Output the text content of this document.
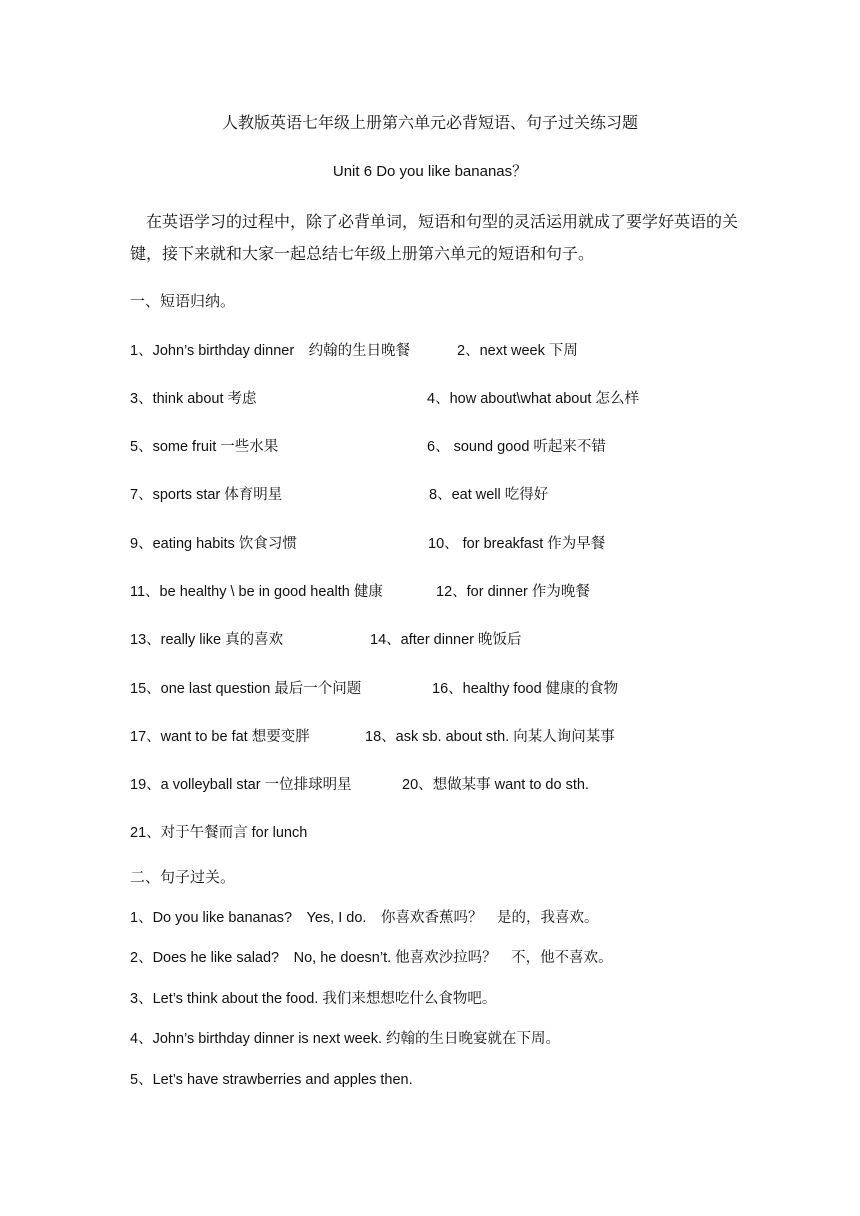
人教版英语七年级上册第六单元必背短语、句子过关练习题
Unit 6 Do you like bananas？
在英语学习的过程中，除了必背单词，短语和句型的灵活运用就成了要学好英语的关键，接下来就和大家一起总结七年级上册第六单元的短语和句子。
一、短语归纳。
1、John’s birthday dinner　约翰的生日晚餐	2、next week 下周
3、think about 考虑	4、how about\what about 怎么样
5、some fruit 一些水果	6、 sound good 听起来不错
7、sports star 体育明星	8、eat well 吃得好
9、eating habits 饮食习惯	10、 for breakfast 作为早餐
11、be healthy \ be in good health 健康	12、for dinner 作为晚餐
13、really like 真的喜欢	14、after dinner 晚饭后
15、one last question 最后一个问题	16、healthy food 健康的食物
17、want to be fat 想要变胖	18、ask sb. about sth. 向某人询问某事
19、a volleyball star 一位排球明星	20、想做某事 want to do sth.
21、对于午餐而言 for lunch
二、句子过关。
1、Do you like bananas?　Yes, I do.　你喜欢香蕉吗？　是的，我喜欢。
2、Does he like salad?　No, he doesn’t. 他喜欢沙拉吗？　不，他不喜欢。
3、Let’s think about the food. 我们来想想吃什么食物吧。
4、John’s birthday dinner is next week. 约翰的生日晚宴就在下周。
5、Let’s have strawberries and apples then.
